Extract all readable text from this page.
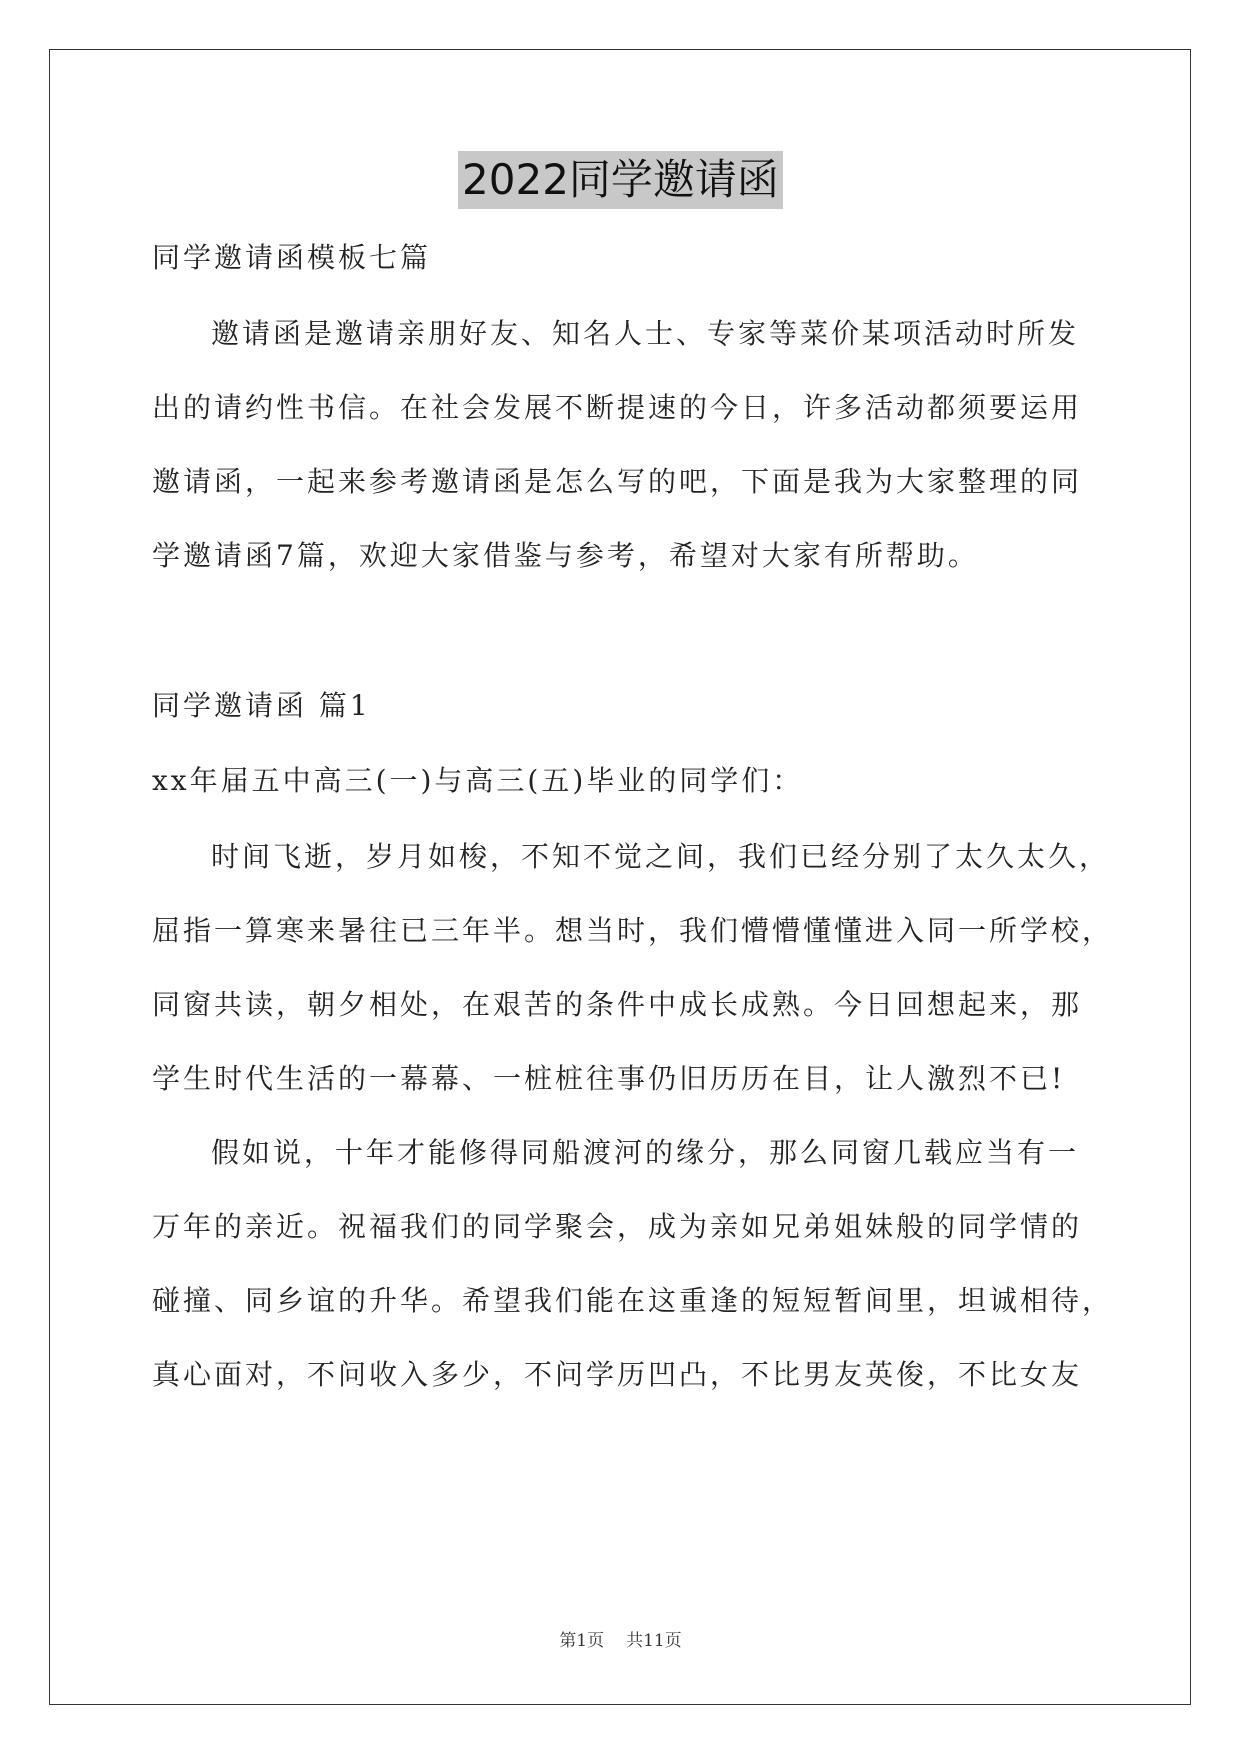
2022同学邀请函
同学邀请函模板七篇
邀请函是邀请亲朋好友、知名人士、专家等菜价某项活动时所发
出的请约性书信。在社会发展不断提速的今日，许多活动都须要运用
邀请函，一起来参考邀请函是怎么写的吧，下面是我为大家整理的同
学邀请函7篇，欢迎大家借鉴与参考，希望对大家有所帮助。
同学邀请函 篇1
xx年届五中高三(一)与高三(五)毕业的同学们：
时间飞逝，岁月如梭，不知不觉之间，我们已经分别了太久太久，
屈指一算寒来暑往已三年半。想当时，我们懵懵懂懂进入同一所学校，
同窗共读，朝夕相处，在艰苦的条件中成长成熟。今日回想起来，那
学生时代生活的一幕幕、一桩桩往事仍旧历历在目，让人激烈不已!
假如说，十年才能修得同船渡河的缘分，那么同窗几载应当有一
万年的亲近。祝福我们的同学聚会，成为亲如兄弟姐妹般的同学情的
碰撞、同乡谊的升华。希望我们能在这重逢的短短暂间里，坦诚相待，
真心面对，不问收入多少，不问学历凹凸，不比男友英俊，不比女友
第1页 共11页
